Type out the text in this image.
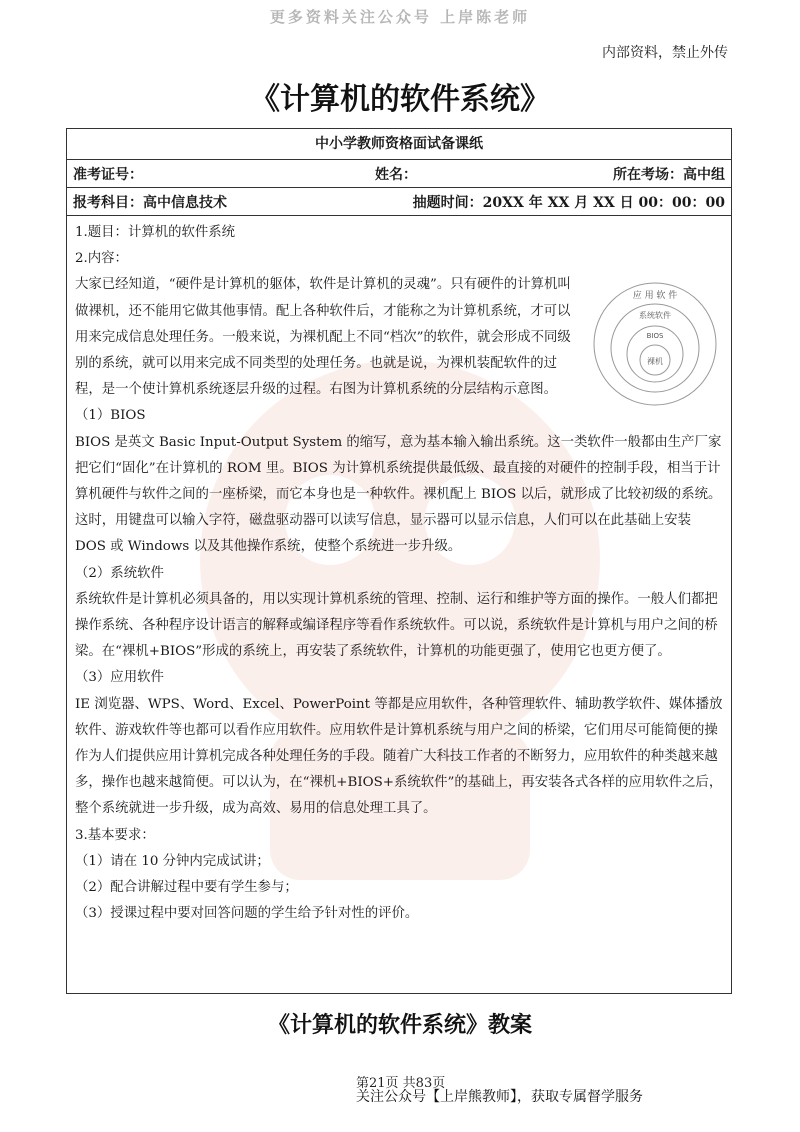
更多资料关注公众号 上岸陈老师
内部资料，禁止外传
《计算机的软件系统》
中小学教师资格面试备课纸
准考证号：	姓名：	所在考场：高中组
报考科目：高中信息技术	抽题时间：20XX 年 XX 月 XX 日 00：00：00

1.题目：计算机的软件系统

2.内容：

应 用 软 件
系统软件
BIOS
裸机

大家已经知道，“硬件是计算机的躯体，软件是计算机的灵魂”。只有硬件的计算机叫做裸机，还不能用它做其他事情。配上各种软件后，才能称之为计算机系统，才可以用来完成信息处理任务。一般来说，为裸机配上不同“档次”的软件，就会形成不同级别的系统，就可以用来完成不同类型的处理任务。也就是说，为裸机装配软件的过程，是一个使计算机系统逐层升级的过程。右图为计算机系统的分层结构示意图。

（1）BIOS

BIOS 是英文 Basic Input-Output System 的缩写，意为基本输入输出系统。这一类软件一般都由生产厂家把它们“固化”在计算机的 ROM 里。BIOS 为计算机系统提供最低级、最直接的对硬件的控制手段，相当于计算机硬件与软件之间的一座桥梁，而它本身也是一种软件。裸机配上 BIOS 以后，就形成了比较初级的系统。这时，用键盘可以输入字符，磁盘驱动器可以读写信息，显示器可以显示信息，人们可以在此基础上安装 DOS 或 Windows 以及其他操作系统，使整个系统进一步升级。

（2）系统软件

系统软件是计算机必须具备的，用以实现计算机系统的管理、控制、运行和维护等方面的操作。一般人们都把操作系统、各种程序设计语言的解释或编译程序等看作系统软件。可以说，系统软件是计算机与用户之间的桥梁。在“裸机+BIOS”形成的系统上，再安装了系统软件，计算机的功能更强了，使用它也更方便了。

（3）应用软件

IE 浏览器、WPS、Word、Excel、PowerPoint 等都是应用软件，各种管理软件、辅助教学软件、媒体播放软件、游戏软件等也都可以看作应用软件。应用软件是计算机系统与用户之间的桥梁，它们用尽可能简便的操作为人们提供应用计算机完成各种处理任务的手段。随着广大科技工作者的不断努力，应用软件的种类越来越多，操作也越来越简便。可以认为，在“裸机+BIOS+系统软件”的基础上，再安装各式各样的应用软件之后，整个系统就进一步升级，成为高效、易用的信息处理工具了。

3.基本要求：

（1）请在 10 分钟内完成试讲；

（2）配合讲解过程中要有学生参与；

（3）授课过程中要对回答问题的学生给予针对性的评价。

《计算机的软件系统》教案
第21页 共83页
关注公众号【上岸熊教师】，获取专属督学服务
